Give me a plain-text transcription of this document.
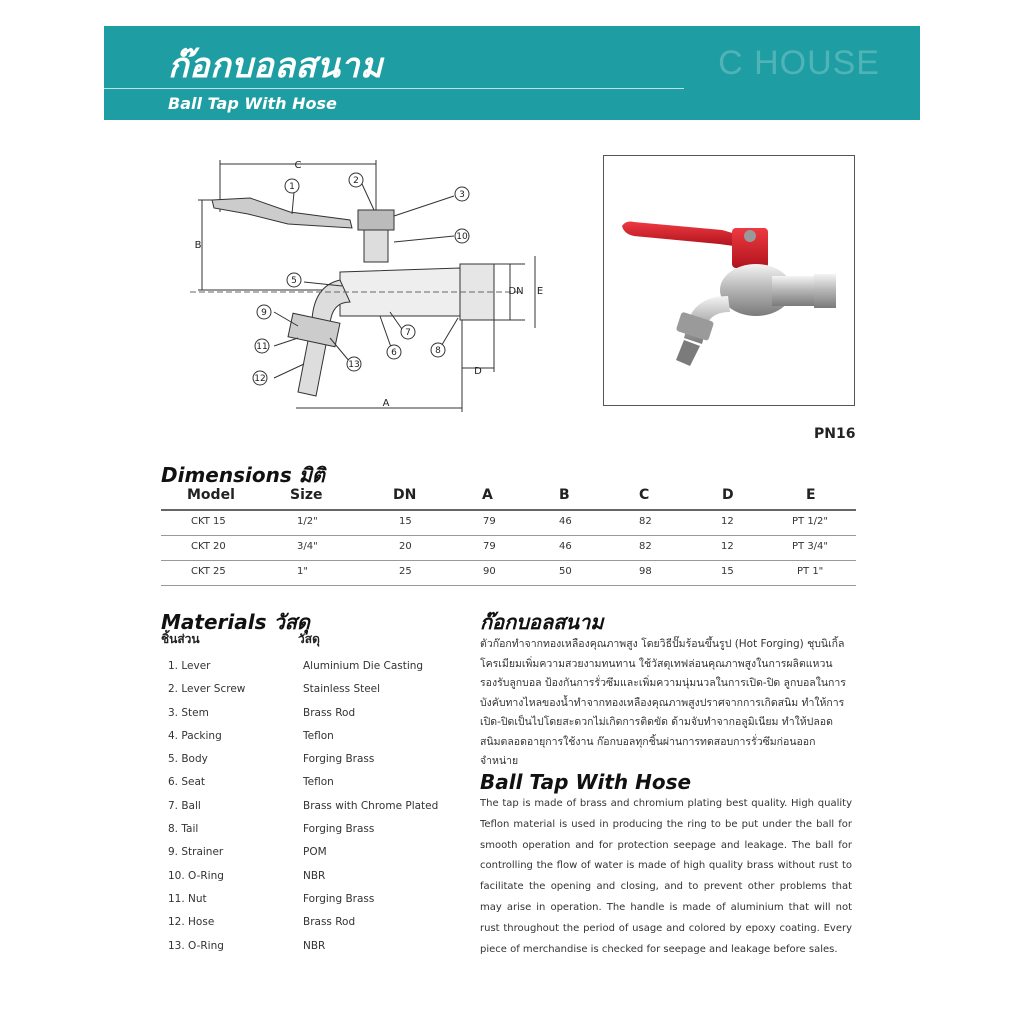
ก๊อกบอลสนาม
Ball Tap With Hose
C HOUSE
C
B
A
D
DN E
1
2
3
10
5
9
7
6	8
11
13
12
PN16
Dimensions มิติ
Model	Size	DN	A	B	C	D	E
CKT 15	1/2"	15	79	46	82	12	PT 1/2"
CKT 20	3/4"	20	79	46	82	12	PT 3/4"
CKT 25	1"	25	90	50	98	15	PT 1"
Materials วัสดุ
ชิ้นส่วน	วัสดุ
1. Lever	Aluminium Die Casting
2. Lever Screw	Stainless Steel
3. Stem	Brass Rod
4. Packing	Teflon
5. Body	Forging Brass
6. Seat	Teflon
7. Ball	Brass with Chrome Plated
8. Tail	Forging Brass
9. Strainer	POM
10. O-Ring	NBR
11. Nut	Forging Brass
12. Hose	Brass Rod
13. O-Ring	NBR
ก๊อกบอลสนาม
ตัวก๊อกทำจากทองเหลืองคุณภาพสูง โดยวิธีปั๊มร้อนขึ้นรูป (Hot Forging) ชุบนิเกิ้ลโครเมียมเพิ่มความสวยงามทนทาน ใช้วัสดุเทฟล่อนคุณภาพสูงในการผลิตแหวนรองรับลูกบอล ป้องกันการรั่วซึมและเพิ่มความนุ่มนวลในการเปิด-ปิด ลูกบอลในการบังคับทางไหลของน้ำทำจากทองเหลืองคุณภาพสูงปราศจากการเกิดสนิม ทำให้การเปิด-ปิดเป็นไปโดยสะดวกไม่เกิดการติดขัด ด้ามจับทำจากอลูมิเนียม ทำให้ปลอดสนิมตลอดอายุการใช้งาน ก๊อกบอลทุกชิ้นผ่านการทดสอบการรั่วซึมก่อนออกจำหน่าย
Ball Tap With Hose
The tap is made of brass and chromium plating best quality. High quality Teflon material is used in producing the ring to be put under the ball for smooth operation and for protection seepage and leakage. The ball for controlling the flow of water is made of high quality brass without rust to facilitate the opening and closing, and to prevent other problems that may arise in operation. The handle is made of aluminium that will not rust throughout the period of usage and colored by epoxy coating. Every piece of merchandise is checked for seepage and leakage before sales.
